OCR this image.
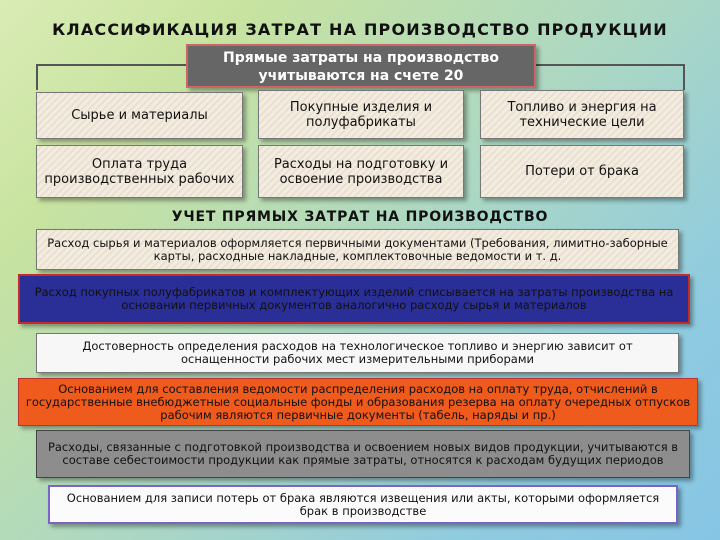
КЛАССИФИКАЦИЯ ЗАТРАТ НА ПРОИЗВОДСТВО ПРОДУКЦИИ
Прямые затраты на производство
учитываются на счете 20
Сырье и материалы
Покупные изделия и полуфабрикаты
Топливо и энергия на технические цели
Оплата труда производственных рабочих
Расходы на подготовку и освоение производства	Потери от брака
УЧЕТ ПРЯМЫХ ЗАТРАТ НА ПРОИЗВОДСТВО
Расход сырья и материалов оформляется первичными документами (Требования, лимитно-заборные карты, расходные накладные, комплектовочные ведомости и т. д.
Расход покупных полуфабрикатов и комплектующих изделий списывается на затраты производства на основании первичных документов аналогично расходу сырья и материалов
Достоверность определения расходов на технологическое топливо и энергию зависит от оснащенности рабочих мест измерительными приборами
Основанием для составления ведомости распределения расходов на оплату труда, отчислений в государственные внебюджетные социальные фонды и образования резерва на оплату очередных отпусков рабочим являются первичные документы (табель, наряды и пр.)
Расходы, связанные с подготовкой производства и освоением новых видов продукции, учитываются в составе себестоимости продукции как прямые затраты, относятся к расходам будущих периодов
Основанием для записи потерь от брака являются извещения или акты, которыми оформляется брак в производстве
